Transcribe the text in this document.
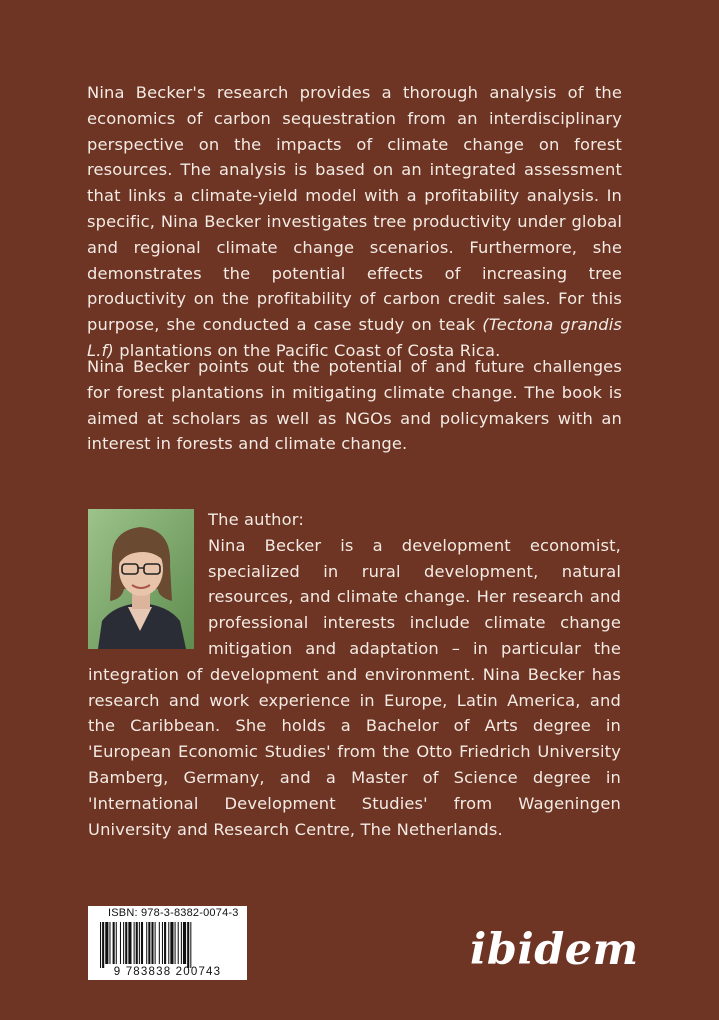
Nina Becker's research provides a thorough analysis of the economics of carbon sequestration from an interdisciplinary perspective on the impacts of climate change on forest resources. The analysis is based on an integrated assessment that links a climate-yield model with a profitability analysis. In specific, Nina Becker investigates tree productivity under global and regional climate change scenarios. Furthermore, she demonstrates the potential effects of increasing tree productivity on the profitability of carbon credit sales. For this purpose, she conducted a case study on teak (Tectona grandis L.f) plantations on the Pacific Coast of Costa Rica.

Nina Becker points out the potential of and future challenges for forest plantations in mitigating climate change. The book is aimed at scholars as well as NGOs and policymakers with an interest in forests and climate change.

The author:
Nina Becker is a development economist, specialized in rural development, natural resources, and climate change. Her research and professional interests include climate change mitigation and adaptation – in particular the integration of development and environment. Nina Becker has research and work experience in Europe, Latin America, and the Caribbean. She holds a Bachelor of Arts degree in 'European Economic Studies' from the Otto Friedrich University Bamberg, Germany, and a Master of Science degree in 'International Development Studies' from Wageningen University and Research Centre, The Netherlands.

ISBN: 978-3-8382-0074-3
9 783838 200743	ibidem
